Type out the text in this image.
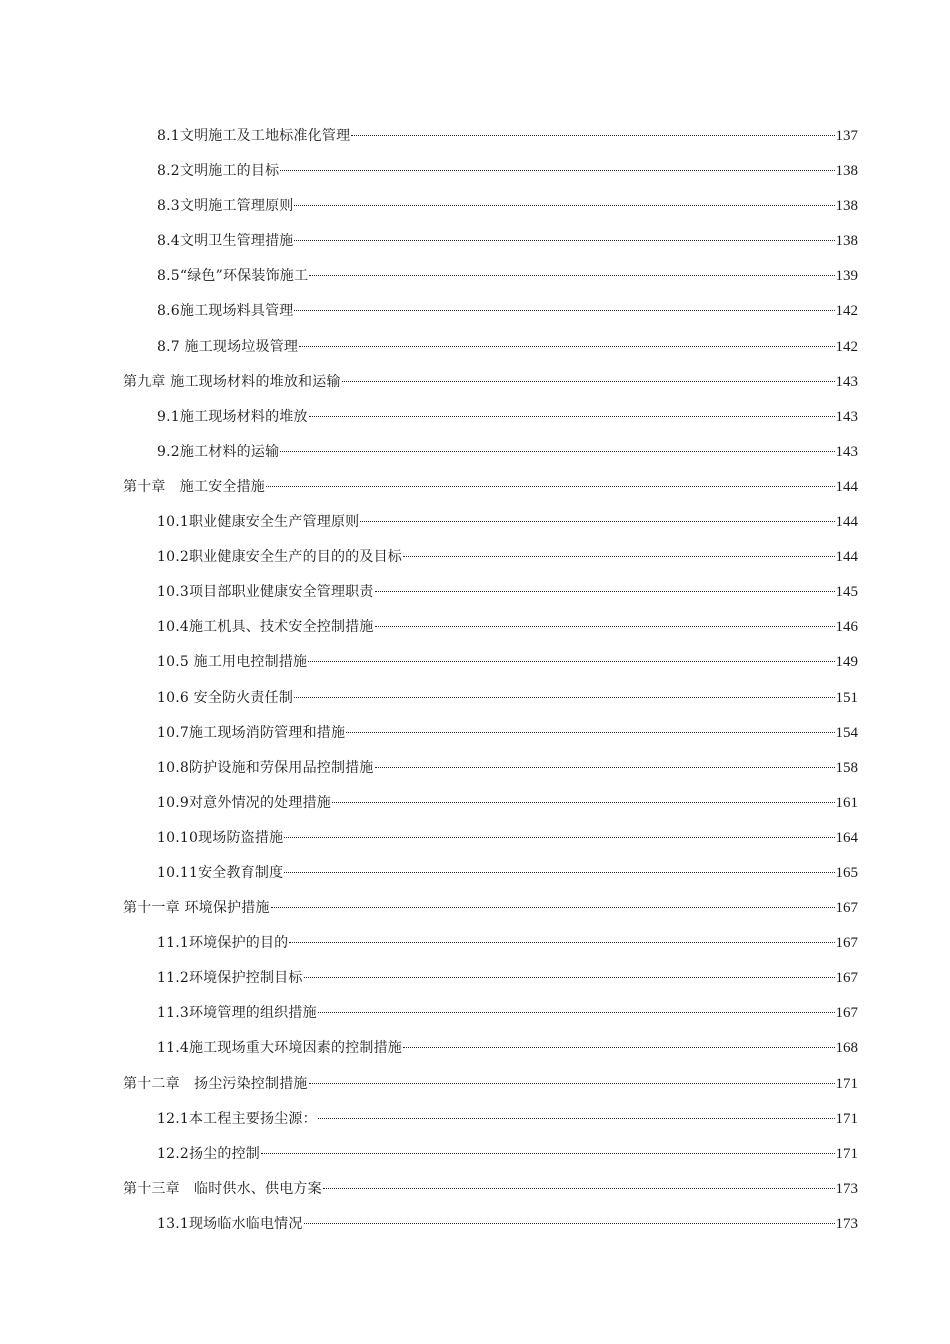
8.1文明施工及工地标准化管理	137
8.2文明施工的目标	138
8.3文明施工管理原则	138
8.4文明卫生管理措施	138
8.5“绿色”环保装饰施工	139
8.6施工现场料具管理	142
8.7 施工现场垃圾管理	142
第九章 施工现场材料的堆放和运输	143
9.1施工现场材料的堆放	143
9.2施工材料的运输	143
第十章　施工安全措施	144
10.1职业健康安全生产管理原则	144
10.2职业健康安全生产的目的的及目标	144
10.3项目部职业健康安全管理职责	145
10.4施工机具、技术安全控制措施	146
10.5 施工用电控制措施	149
10.6 安全防火责任制	151
10.7施工现场消防管理和措施	154
10.8防护设施和劳保用品控制措施	158
10.9对意外情况的处理措施	161
10.10现场防盗措施	164
10.11安全教育制度	165
第十一章 环境保护措施	167
11.1环境保护的目的	167
11.2环境保护控制目标	167
11.3环境管理的组织措施	167
11.4施工现场重大环境因素的控制措施	168
第十二章　扬尘污染控制措施	171
12.1本工程主要扬尘源：	171
12.2扬尘的控制	171
第十三章　临时供水、供电方案	173
13.1现场临水临电情况	173
